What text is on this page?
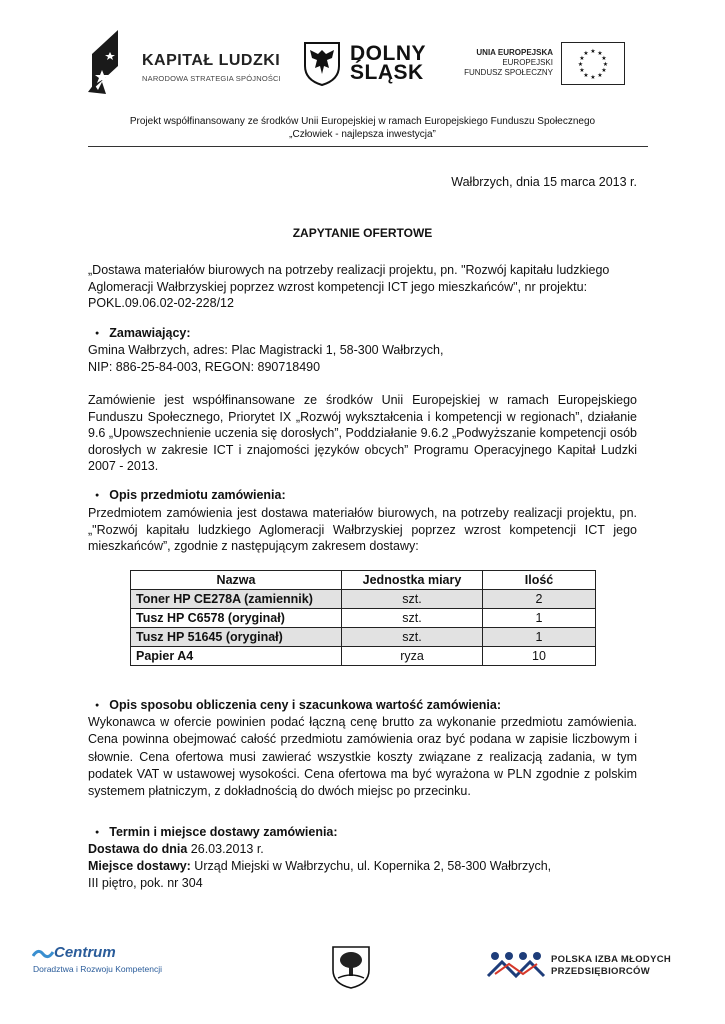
KAPITAŁ LUDZKI
NARODOWA STRATEGIA SPÓJNOŚCI
DOLNY
ŚLĄSK
UNIA EUROPEJSKA
EUROPEJSKI
FUNDUSZ SPOŁECZNY
★ ★
★
★
★
★
★
★
★
★
★
★
Projekt współfinansowany ze środków Unii Europejskiej w ramach Europejskiego Funduszu Społecznego
„Człowiek - najlepsza inwestycja”
Wałbrzych, dnia 15 marca 2013 r.
ZAPYTANIE OFERTOWE
„Dostawa materiałów biurowych na potrzeby realizacji projektu, pn. "Rozwój kapitału ludzkiego Aglomeracji Wałbrzyskiej poprzez wzrost kompetencji ICT jego mieszkańców", nr projektu: POKL.09.06.02-02-228/12
● Zamawiający:
Gmina Wałbrzych, adres: Plac Magistracki 1, 58-300 Wałbrzych,
NIP: 886-25-84-003, REGON: 890718490
Zamówienie jest współfinansowane ze środków Unii Europejskiej w ramach Europejskiego Funduszu Społecznego, Priorytet IX „Rozwój wykształcenia i kompetencji w regionach”, działanie 9.6 „Upowszechnienie uczenia się dorosłych”, Poddziałanie 9.6.2 „Podwyższanie kompetencji osób dorosłych w zakresie ICT i znajomości języków obcych” Programu Operacyjnego Kapitał Ludzki 2007 - 2013.
● Opis przedmiotu zamówienia:
Przedmiotem zamówienia jest dostawa materiałów biurowych, na potrzeby realizacji projektu, pn. „"Rozwój kapitału ludzkiego Aglomeracji Wałbrzyskiej poprzez wzrost kompetencji ICT jego mieszkańców”, zgodnie z następującym zakresem dostawy:
Nazwa	Jednostka miary	Ilość
Toner HP CE278A (zamiennik)	szt.	2
Tusz HP C6578 (oryginał)	szt.	1
Tusz HP 51645 (oryginał)	szt.	1
Papier A4	ryza	10
● Opis sposobu obliczenia ceny i szacunkowa wartość zamówienia:
Wykonawca w ofercie powinien podać łączną cenę brutto za wykonanie przedmiotu zamówienia. Cena powinna obejmować całość przedmiotu zamówienia oraz być podana w zapisie liczbowym i słownie. Cena ofertowa musi zawierać wszystkie koszty związane z realizacją zadania, w tym podatek VAT w ustawowej wysokości. Cena ofertowa ma być wyrażona w PLN zgodnie z polskim systemem płatniczym, z dokładnością do dwóch miejsc po przecinku.
● Termin i miejsce dostawy zamówienia:
Dostawa do dnia 26.03.2013 r.
Miejsce dostawy: Urząd Miejski w Wałbrzychu, ul. Kopernika 2, 58-300 Wałbrzych,
III piętro, pok. nr 304
Centrum
Doradztwa i Rozwoju Kompetencji
POLSKA IZBA MŁODYCH
PRZEDSIĘBIORCÓW
